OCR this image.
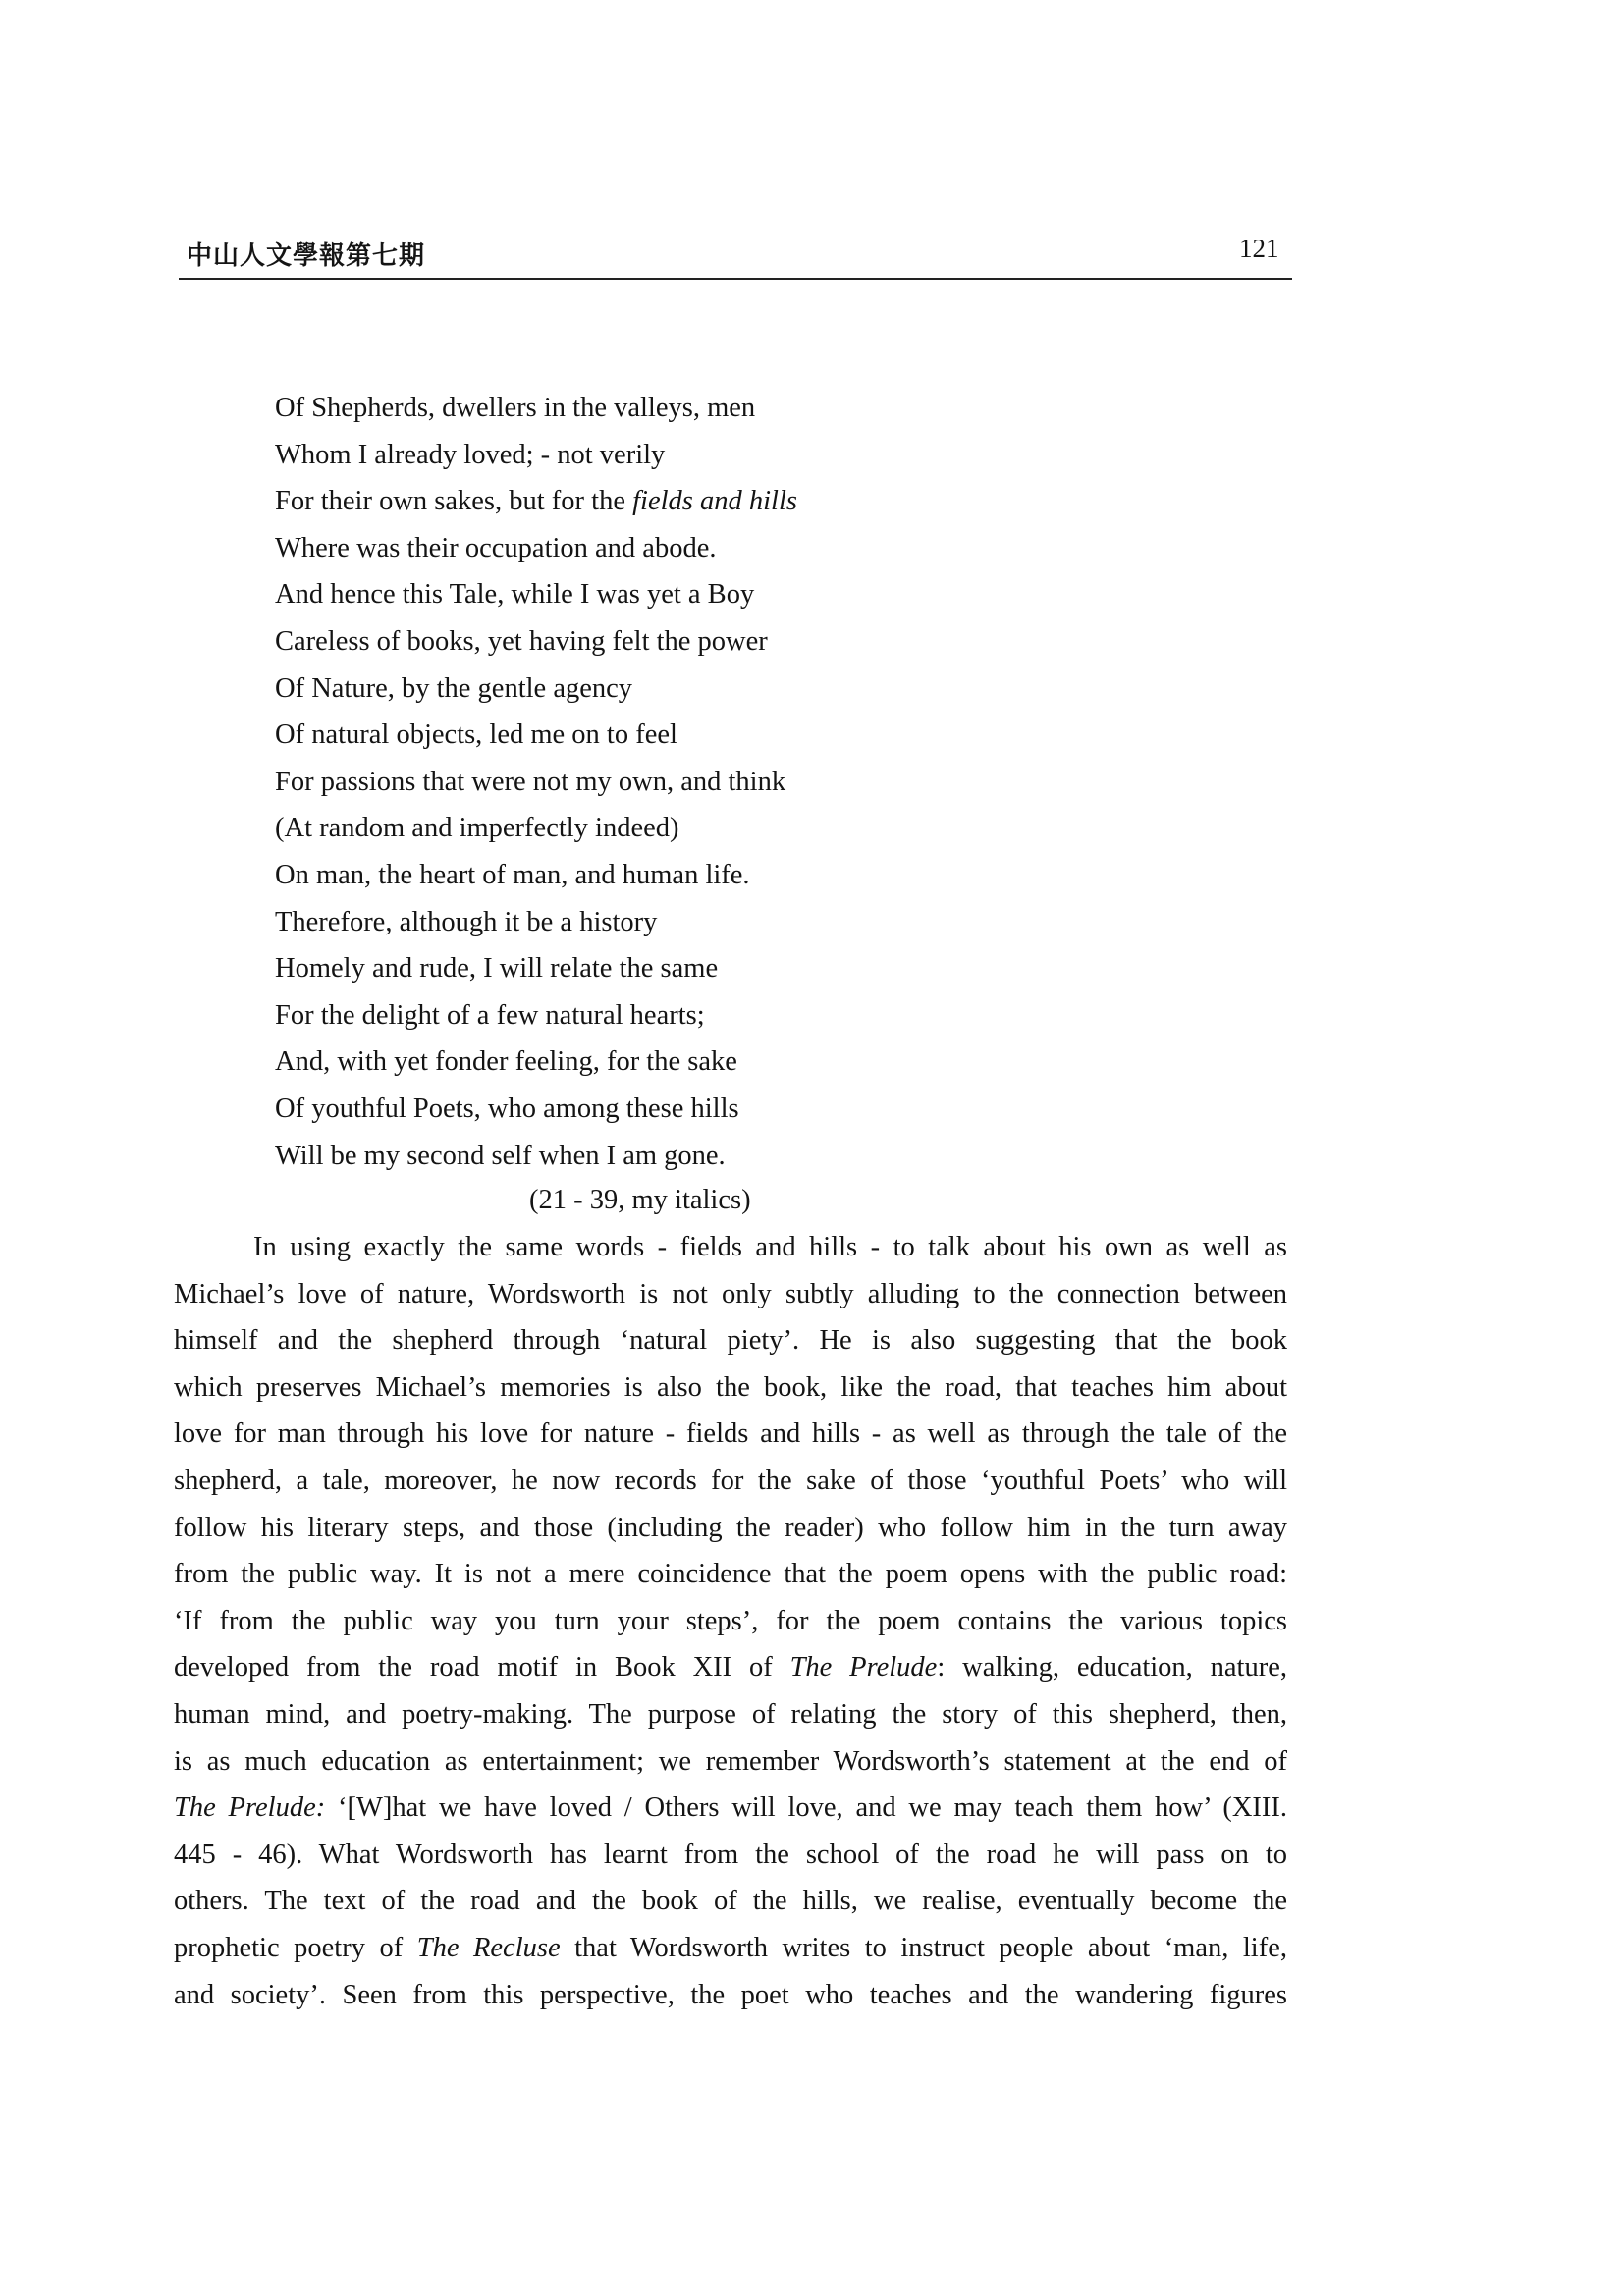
中山人文學報第七期	121
Of Shepherds, dwellers in the valleys, men
Whom I already loved; - not verily
For their own sakes, but for the fields and hills
Where was their occupation and abode.
And hence this Tale, while I was yet a Boy
Careless of books, yet having felt the power
Of Nature, by the gentle agency
Of natural objects, led me on to feel
For passions that were not my own, and think
(At random and imperfectly indeed)
On man, the heart of man, and human life.
Therefore, although it be a history
Homely and rude, I will relate the same
For the delight of a few natural hearts;
And, with yet fonder feeling, for the sake
Of youthful Poets, who among these hills
Will be my second self when I am gone.
(21 - 39, my italics)
In using exactly the same words - fields and hills - to talk about his own as well as
Michael’s love of nature, Wordsworth is not only subtly alluding to the connection between
himself and the shepherd through ‘natural piety’. He is also suggesting that the book
which preserves Michael’s memories is also the book, like the road, that teaches him about
love for man through his love for nature - fields and hills - as well as through the tale of the
shepherd, a tale, moreover, he now records for the sake of those ‘youthful Poets’ who will
follow his literary steps, and those (including the reader) who follow him in the turn away
from the public way. It is not a mere coincidence that the poem opens with the public road:
‘If from the public way you turn your steps’, for the poem contains the various topics
developed from the road motif in Book XII of The Prelude: walking, education, nature,
human mind, and poetry-making. The purpose of relating the story of this shepherd, then,
is as much education as entertainment; we remember Wordsworth’s statement at the end of
The Prelude: ‘[W]hat we have loved / Others will love, and we may teach them how’ (XIII.
445 - 46). What Wordsworth has learnt from the school of the road he will pass on to
others. The text of the road and the book of the hills, we realise, eventually become the
prophetic poetry of The Recluse that Wordsworth writes to instruct people about ‘man, life,
and society’. Seen from this perspective, the poet who teaches and the wandering figures
